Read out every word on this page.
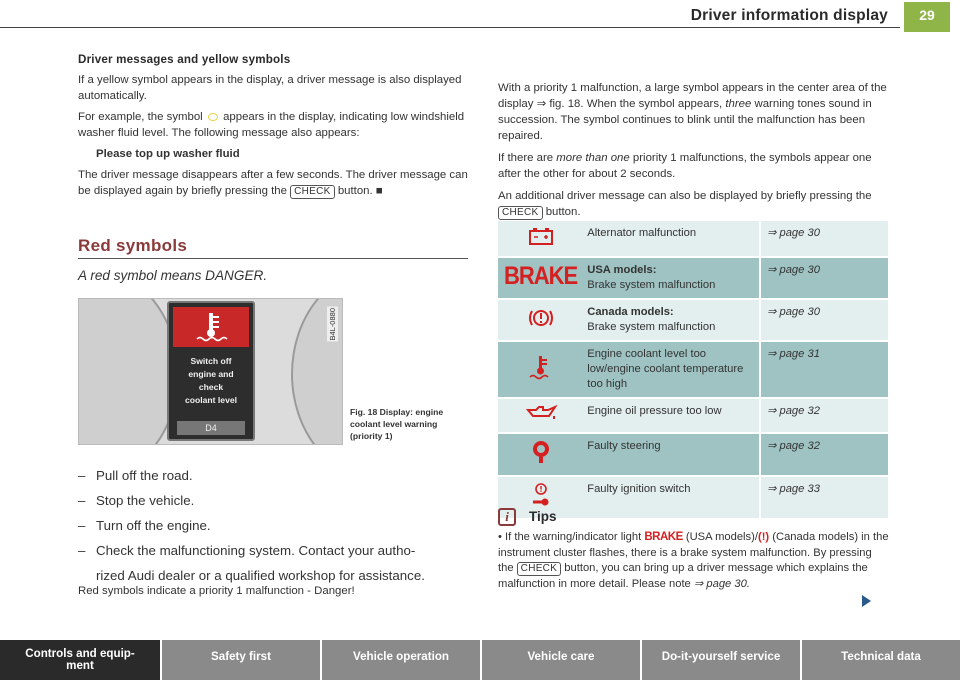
Driver information display	29
Driver messages and yellow symbols

If a yellow symbol appears in the display, a driver message is also displayed automatically.

For example, the symbol appears in the display, indicating low windshield washer fluid level. The following message also appears:

Please top up washer fluid

The driver message disappears after a few seconds. The driver message can be displayed again by briefly pressing the CHECK button. ■

Red symbols
A red symbol means DANGER.
Switch off
engine and
check
coolant level
D4
B4L-0880
Fig. 18 Display: engine coolant level warning (priority 1)
– Pull off the road.
– Stop the vehicle.
– Turn off the engine.
– Check the malfunctioning system. Contact your autho-
rized Audi dealer or a qualified workshop for assistance.
Red symbols indicate a priority 1 malfunction - Danger!

With a priority 1 malfunction, a large symbol appears in the center area of the display ⇒ fig. 18. When the symbol appears, three warning tones sound in succession. The symbol continues to blink until the malfunction has been repaired.

If there are more than one priority 1 malfunctions, the symbols appear one after the other for about 2 seconds.

An additional driver message can also be displayed by briefly pressing the CHECK button.

	Alternator malfunction	⇒ page 30
BRAKE	USA models:
Brake system malfunction	⇒ page 30
	Canada models:
Brake system malfunction	⇒ page 30
	Engine coolant level too low/engine coolant temperature too high	⇒ page 31
	Engine oil pressure too low	⇒ page 32
	Faulty steering	⇒ page 32
	Faulty ignition switch	⇒ page 33
i	Tips
• If the warning/indicator light BRAKE (USA models)/(!) (Canada models) in the instrument cluster flashes, there is a brake system malfunction. By pressing the CHECK button, you can bring up a driver message which explains the malfunction in more detail. Please note ⇒ page 30.
Controls and equip-
ment
Safety first	Vehicle operation	Vehicle care	Do-it-yourself service	Technical data
